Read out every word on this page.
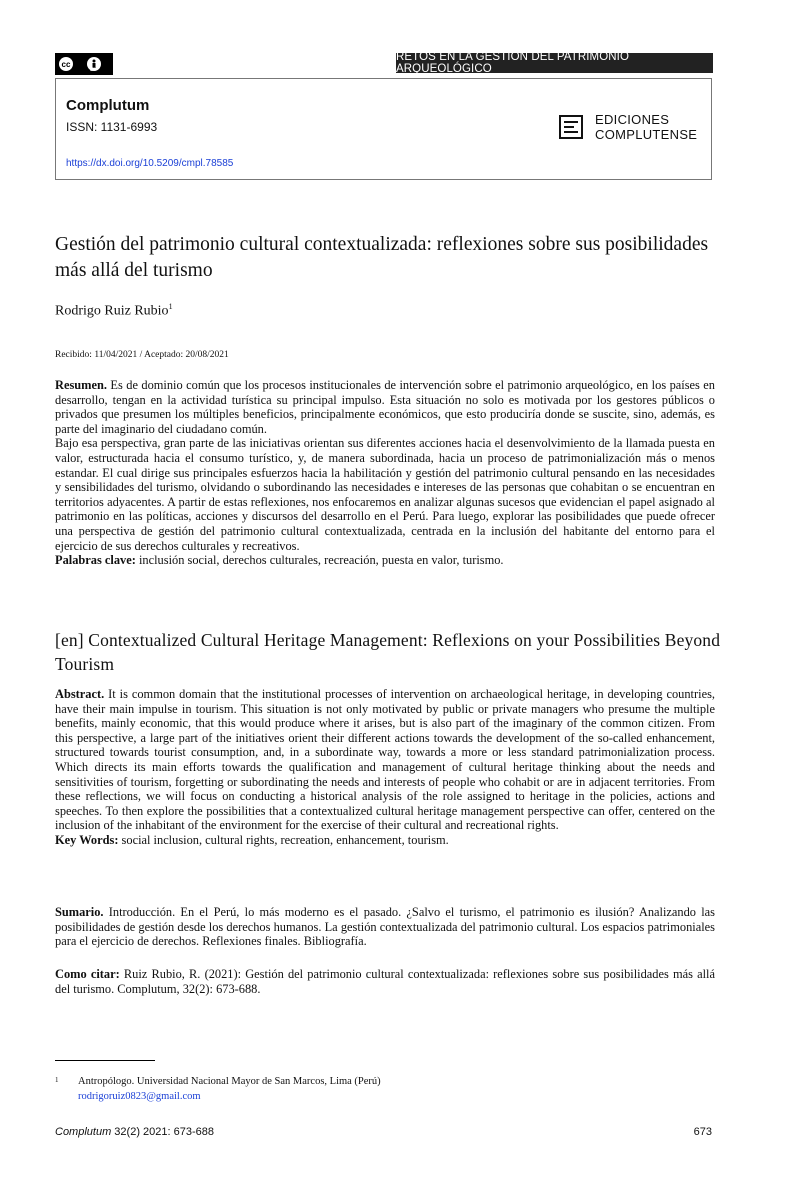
cc
BY
RETOS EN LA GESTIÓN DEL PATRIMONIO ARQUEOLÓGICO
Complutum
ISSN: 1131-6993
https://dx.doi.org/10.5209/cmpl.78585
EDICIONES
COMPLUTENSE
Gestión del patrimonio cultural contextualizada: reflexiones sobre sus posibilidades más allá del turismo
Rodrigo Ruiz Rubio$^1$
Recibido: 11/04/2021 / Aceptado: 20/08/2021

Resumen. Es de dominio común que los procesos institucionales de intervención sobre el patrimonio arqueológico, en los países en desarrollo, tengan en la actividad turística su principal impulso. Esta situación no solo es motivada por los gestores públicos o privados que presumen los múltiples beneficios, principalmente económicos, que esto produciría donde se suscite, sino, además, es parte del imaginario del ciudadano común.

Bajo esa perspectiva, gran parte de las iniciativas orientan sus diferentes acciones hacia el desenvolvimiento de la llamada puesta en valor, estructurada hacia el consumo turístico, y, de manera subordinada, hacia un proceso de patrimonialización más o menos estandar. El cual dirige sus principales esfuerzos hacia la habilitación y gestión del patrimonio cultural pensando en las necesidades y sensibilidades del turismo, olvidando o subordinando las necesidades e intereses de las personas que cohabitan o se encuentran en territorios adyacentes. A partir de estas reflexiones, nos enfocaremos en analizar algunas sucesos que evidencian el papel asignado al patrimonio en las políticas, acciones y discursos del desarrollo en el Perú. Para luego, explorar las posibilidades que puede ofrecer una perspectiva de gestión del patrimonio cultural contextualizada, centrada en la inclusión del habitante del entorno para el ejercicio de sus derechos culturales y recreativos.

Palabras clave: inclusión social, derechos culturales, recreación, puesta en valor, turismo.

[en] Contextualized Cultural Heritage Management: Reflexions on your Possibilities Beyond Tourism

Abstract. It is common domain that the institutional processes of intervention on archaeological heritage, in developing countries, have their main impulse in tourism. This situation is not only motivated by public or private managers who presume the multiple benefits, mainly economic, that this would produce where it arises, but is also part of the imaginary of the common citizen. From this perspective, a large part of the initiatives orient their different actions towards the development of the so-called enhancement, structured towards tourist consumption, and, in a subordinate way, towards a more or less standard patrimonialization process. Which directs its main efforts towards the qualification and management of cultural heritage thinking about the needs and sensitivities of tourism, forgetting or subordinating the needs and interests of people who cohabit or are in adjacent territories. From these reflections, we will focus on conducting a historical analysis of the role assigned to heritage in the policies, actions and speeches. To then explore the possibilities that a contextualized cultural heritage management perspective can offer, centered on the inclusion of the inhabitant of the environment for the exercise of their cultural and recreational rights.

Key Words: social inclusion, cultural rights, recreation, enhancement, tourism.

Sumario. Introducción. En el Perú, lo más moderno es el pasado. ¿Salvo el turismo, el patrimonio es ilusión? Analizando las posibilidades de gestión desde los derechos humanos. La gestión contextualizada del patrimonio cultural. Los espacios patrimoniales para el ejercicio de derechos. Reflexiones finales. Bibliografía.

Como citar: Ruiz Rubio, R. (2021): Gestión del patrimonio cultural contextualizada: reflexiones sobre sus posibilidades más allá del turismo. Complutum, 32(2): 673-688.

1 Antropólogo. Universidad Nacional Mayor de San Marcos, Lima (Perú)
rodrigoruiz0823@gmail.com
Complutum 32(2) 2021: 673-688	673
